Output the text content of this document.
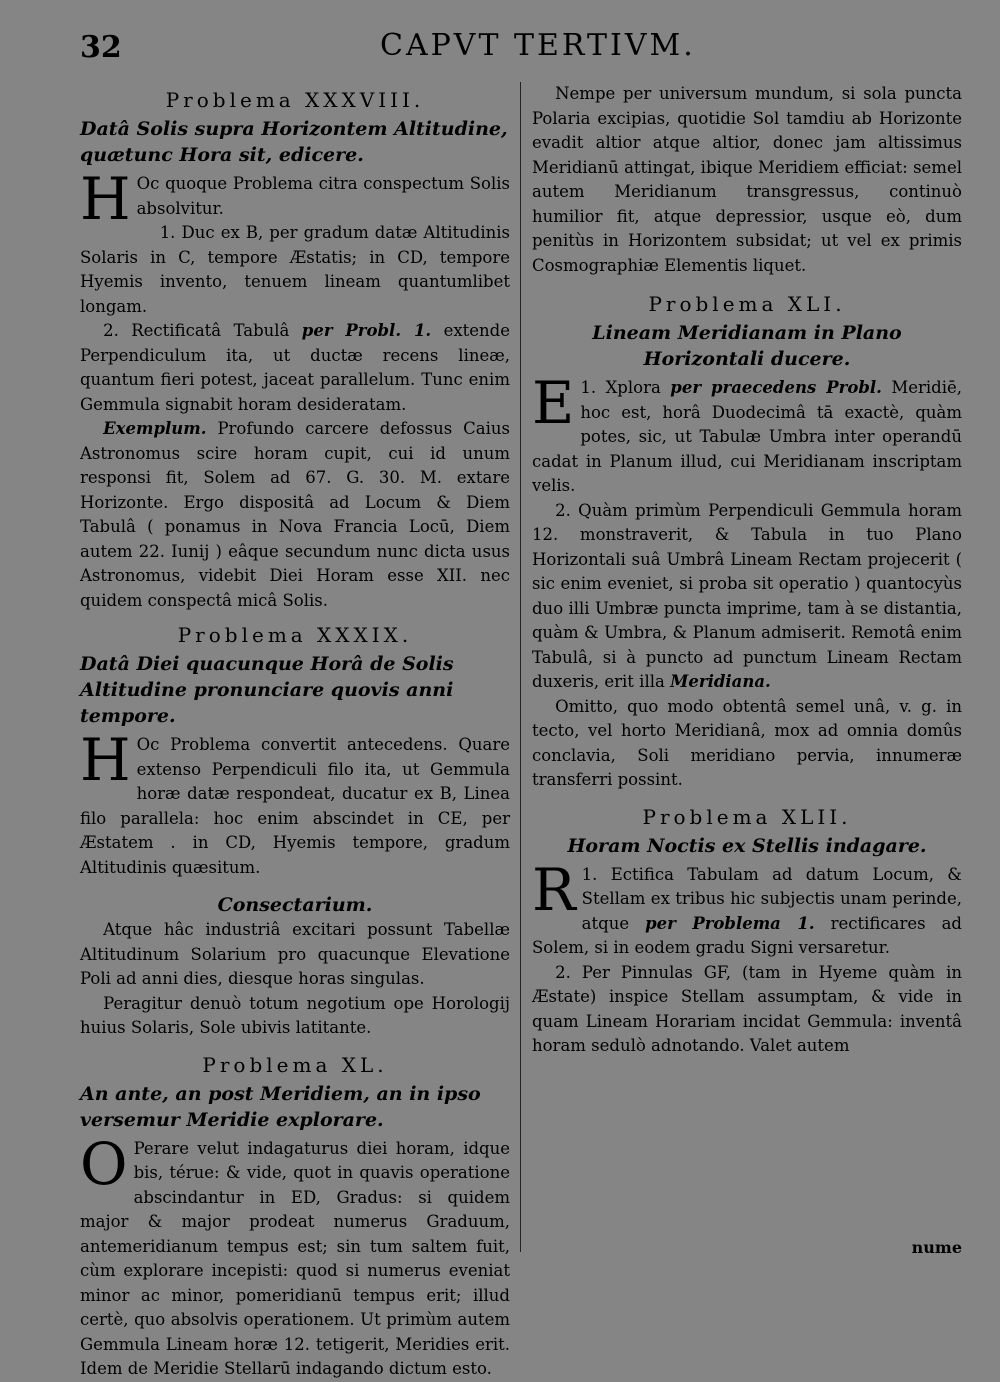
32	CAPVT TERTIVM.
Problema XXXVIII.
Datâ Solis supra Horizontem Altitudine, quætunc Hora sit, edicere.

H Oc quoque Problema citra conspectum Solis absolvitur.

1. Duc ex B, per gradum datæ Altitudinis Solaris in C, tempore Æstatis; in CD, tempore Hyemis invento, tenuem lineam quantumlibet longam.

2. Rectificatâ Tabulâ per Probl. 1. extende Perpendiculum ita, ut ductæ recens lineæ, quantum fieri potest, jaceat parallelum. Tunc enim Gemmula signabit horam desideratam.

Exemplum. Profundo carcere defossus Caius Astronomus scire horam cupit, cui id unum responsi fit, Solem ad 67. G. 30. M. extare Horizonte. Ergo dispositâ ad Locum & Diem Tabulâ ( ponamus in Nova Francia Locū, Diem autem 22. Iunij ) eâque secundum nunc dicta usus Astronomus, videbit Diei Horam esse XII. nec quidem conspectâ micâ Solis.

Problema XXXIX.
Datâ Diei quacunque Horâ de Solis Altitudine pronunciare quovis anni tempore.

H Oc Problema convertit antecedens. Quare extenso Perpendiculi filo ita, ut Gemmula horæ datæ respondeat, ducatur ex B, Linea filo parallela: hoc enim abscindet in CE, per Æstatem . in CD, Hyemis tempore, gradum Altitudinis quæsitum.

Consectarium.

Atque hâc industriâ excitari possunt Tabellæ Altitudinum Solarium pro quacunque Elevatione Poli ad anni dies, diesque horas singulas.

Peragitur denuò totum negotium ope Horologij huius Solaris, Sole ubivis latitante.

Problema XL.
An ante, an post Meridiem, an in ipso versemur Meridie explorare.

O Perare velut indagaturus diei horam, idque bis, térue: & vide, quot in quavis operatione abscindantur in ED, Gradus: si quidem major & major prodeat numerus Graduum, antemeridianum tempus est; sin tum saltem fuit, cùm explorare incepisti: quod si numerus eveniat minor ac minor, pomeridianū tempus erit; illud certè, quo absolvis operationem. Ut primùm autem Gemmula Lineam horæ 12. tetigerit, Meridies erit. Idem de Meridie Stellarū indagando dictum esto.

Nempe per universum mundum, si sola puncta Polaria excipias, quotidie Sol tamdiu ab Horizonte evadit altior atque altior, donec jam altissimus Meridianū attingat, ibique Meridiem efficiat: semel autem Meridianum transgressus, continuò humilior fit, atque depressior, usque eò, dum penitùs in Horizontem subsidat; ut vel ex primis Cosmographiæ Elementis liquet.

Problema XLI.
Lineam Meridianam in Plano Horizontali ducere.

1.
E Xplora per praecedens Probl. Meridiē, hoc est, horâ Duodecimâ tā exactè, quàm potes, sic, ut Tabulæ Umbra inter operandū cadat in Planum illud, cui Meridianam inscriptam velis.

2. Quàm primùm Perpendiculi Gemmula horam 12. monstraverit, & Tabula in tuo Plano Horizontali suâ Umbrâ Lineam Rectam projecerit ( sic enim eveniet, si proba sit operatio ) quantocyùs duo illi Umbræ puncta imprime, tam à se distantia, quàm & Umbra, & Planum admiserit. Remotâ enim Tabulâ, si à puncto ad punctum Lineam Rectam duxeris, erit illa Meridiana.

Omitto, quo modo obtentâ semel unâ, v. g. in tecto, vel horto Meridianâ, mox ad omnia domûs conclavia, Soli meridiano pervia, innumeræ transferri possint.

Problema XLII.
Horam Noctis ex Stellis indagare.

1.
R Ectifica Tabulam ad datum Locum, & Stellam ex tribus hic subjectis unam perinde, atque per Problema 1. rectificares ad Solem, si in eodem gradu Signi versaretur.

2. Per Pinnulas GF, (tam in Hyeme quàm in Æstate) inspice Stellam assumptam, & vide in quam Lineam Horariam incidat Gemmula: inventâ horam sedulò adnotando. Valet autem

nume
